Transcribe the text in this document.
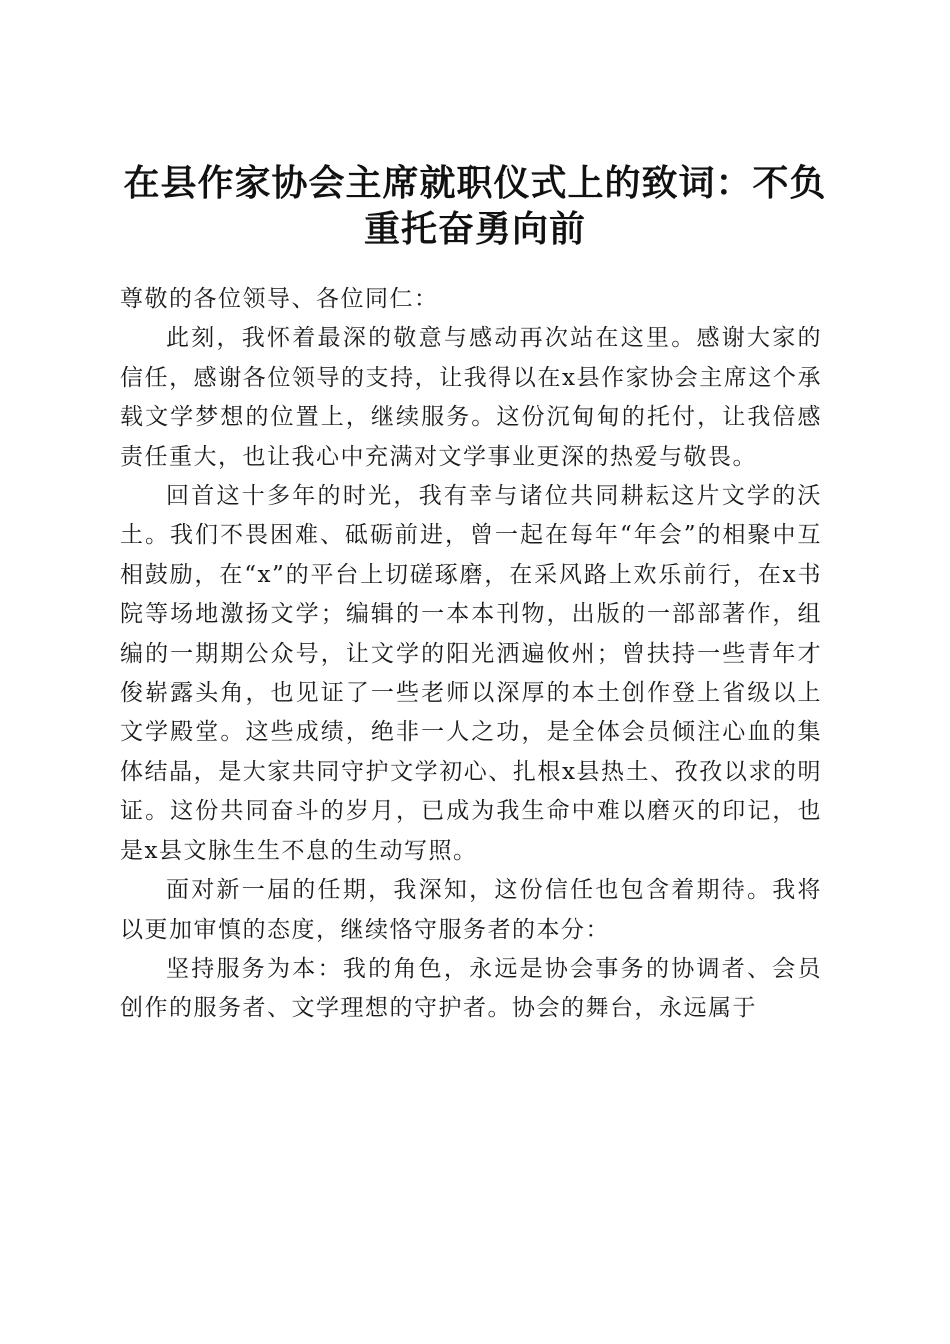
在县作家协会主席就职仪式上的致词：不负重托奋勇向前

尊敬的各位领导、各位同仁：

此刻，我怀着最深的敬意与感动再次站在这里。感谢大家的信任，感谢各位领导的支持，让我得以在x县作家协会主席这个承载文学梦想的位置上，继续服务。这份沉甸甸的托付，让我倍感责任重大，也让我心中充满对文学事业更深的热爱与敬畏。

回首这十多年的时光，我有幸与诸位共同耕耘这片文学的沃土。我们不畏困难、砥砺前进，曾一起在每年“年会”的相聚中互相鼓励，在“x”的平台上切磋琢磨，在采风路上欢乐前行，在x书院等场地激扬文学；编辑的一本本刊物，出版的一部部著作，组编的一期期公众号，让文学的阳光洒遍攸州；曾扶持一些青年才俊崭露头角，也见证了一些老师以深厚的本土创作登上省级以上文学殿堂。这些成绩，绝非一人之功，是全体会员倾注心血的集体结晶，是大家共同守护文学初心、扎根x县热土、孜孜以求的明证。这份共同奋斗的岁月，已成为我生命中难以磨灭的印记，也是x县文脉生生不息的生动写照。

面对新一届的任期，我深知，这份信任也包含着期待。我将以更加审慎的态度，继续恪守服务者的本分：

坚持服务为本：我的角色，永远是协会事务的协调者、会员创作的服务者、文学理想的守护者。协会的舞台，永远属于
